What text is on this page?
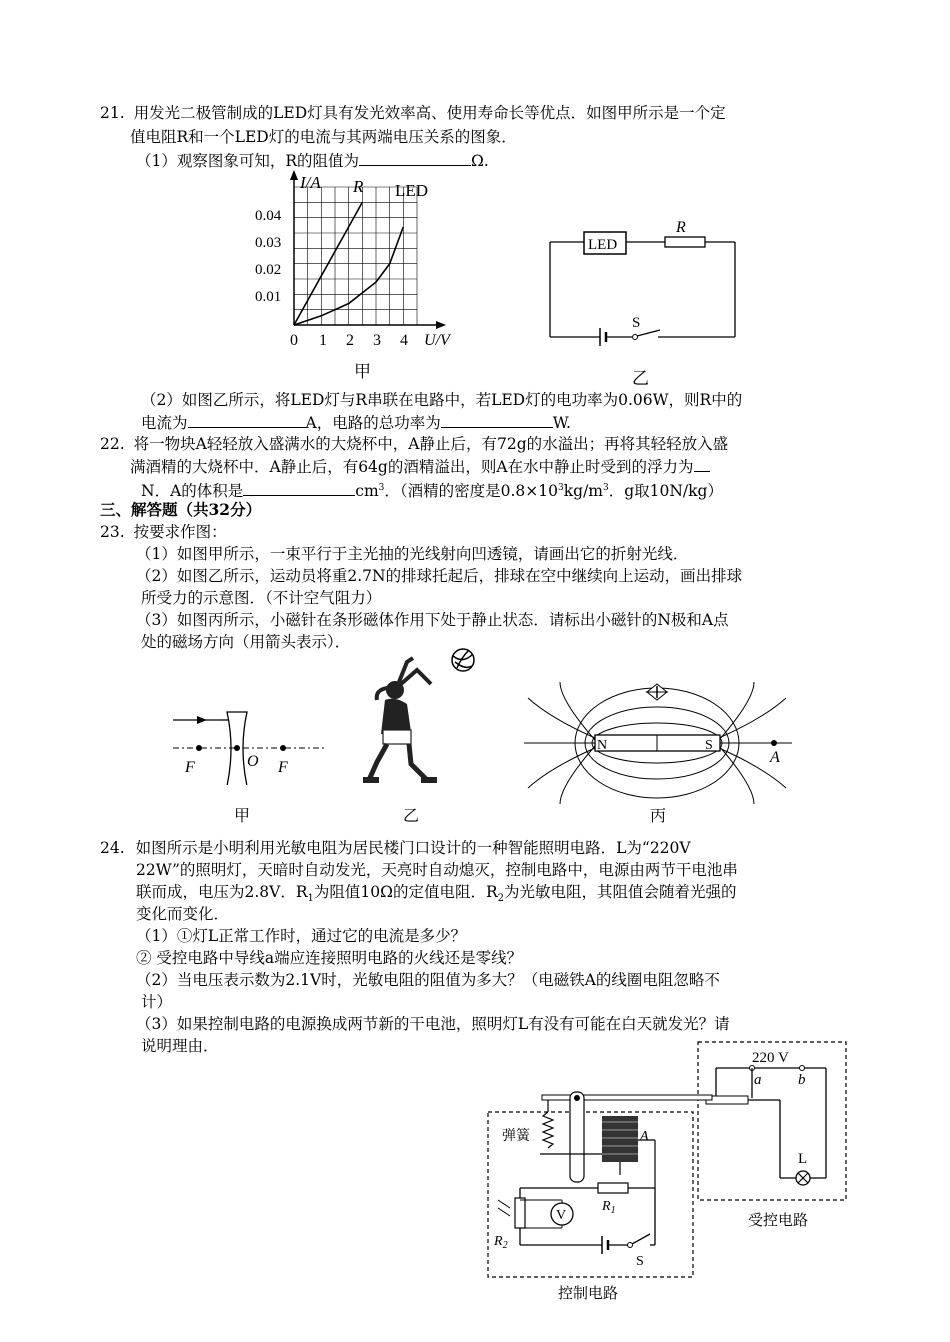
21. 用发光二极管制成的LED灯具有发光效率高、使用寿命长等优点．如图甲所示是一个定
值电阻R和一个LED灯的电流与其两端电压关系的图象．
（1）观察图象可知，R的阻值为	Ω.
I/A R LED
0
0.04
0.03
0.02
0.01
1 2 3 4 U/V
甲
LED
R
S
乙
（2）如图乙所示，将LED灯与R串联在电路中，若LED灯的电功率为0.06W，则R中的
电流为	A，电路的总功率为	W.
22. 将一物块A轻轻放入盛满水的大烧杯中，A静止后，有72g的水溢出；再将其轻轻放入盛
满酒精的大烧杯中．A静止后，有64g的酒精溢出，则A在水中静止时受到的浮力为
N．A的体积是	$cm^3$．（酒精的密度是$0.8\times 10^3kg/m^3$．g取10N/kg）
三、解答题（共32分）
23. 按要求作图：
（1）如图甲所示，一束平行于主光抽的光线射向凹透镜，请画出它的折射光线．
（2）如图乙所示，运动员将重2.7N的排球托起后，排球在空中继续向上运动，画出排球
所受力的示意图．（不计空气阻力）
（3）如图丙所示，小磁针在条形磁体作用下处于静止状态．请标出小磁针的N极和A点
处的磁场方向（用箭头表示）．
F	O F
甲	乙
N	S
A
丙
24. 如图所示是小明利用光敏电阻为居民楼门口设计的一种智能照明电路．L为“220V
22W”的照明灯，天暗时自动发光，天亮时自动熄灭，控制电路中，电源由两节干电池串
联而成，电压为2.8V．$R_1$为阻值10Ω的定值电阻．$R_2$为光敏电阻，其阻值会随着光强的
变化而变化．
（1）①灯L正常工作时，通过它的电流是多少？
② 受控电路中导线a端应连接照明电路的火线还是零线？
（2）当电压表示数为2.1V时，光敏电阻的阻值为多大？（电磁铁A的线圈电阻忽略不
计）
（3）如果控制电路的电源换成两节新的干电池，照明灯L有没有可能在白天就发光？请
说明理由．
220 V
a b
L
受控电路
弹簧	A
$R_1$
$R_2$
V
S
控制电路
